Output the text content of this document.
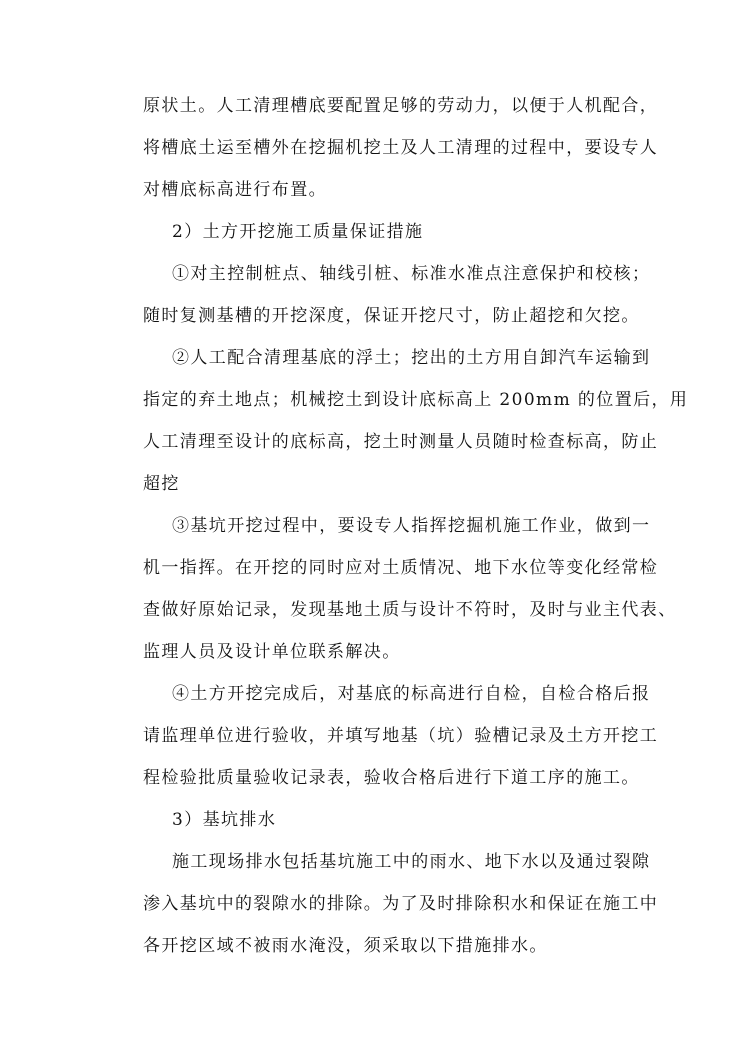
原状土。人工清理槽底要配置足够的劳动力，以便于人机配合，
将槽底土运至槽外在挖掘机挖土及人工清理的过程中，要设专人
对槽底标高进行布置。
2）土方开挖施工质量保证措施
①对主控制桩点、轴线引桩、标准水准点注意保护和校核；
随时复测基槽的开挖深度，保证开挖尺寸，防止超挖和欠挖。
②人工配合清理基底的浮土；挖出的土方用自卸汽车运输到
指定的弃土地点；机械挖土到设计底标高上 200mm 的位置后，用
人工清理至设计的底标高，挖土时测量人员随时检查标高，防止
超挖
③基坑开挖过程中，要设专人指挥挖掘机施工作业，做到一
机一指挥。在开挖的同时应对土质情况、地下水位等变化经常检
查做好原始记录，发现基地土质与设计不符时，及时与业主代表、
监理人员及设计单位联系解决。
④土方开挖完成后，对基底的标高进行自检，自检合格后报
请监理单位进行验收，并填写地基（坑）验槽记录及土方开挖工
程检验批质量验收记录表，验收合格后进行下道工序的施工。
3）基坑排水
施工现场排水包括基坑施工中的雨水、地下水以及通过裂隙
渗入基坑中的裂隙水的排除。为了及时排除积水和保证在施工中
各开挖区域不被雨水淹没，须采取以下措施排水。
